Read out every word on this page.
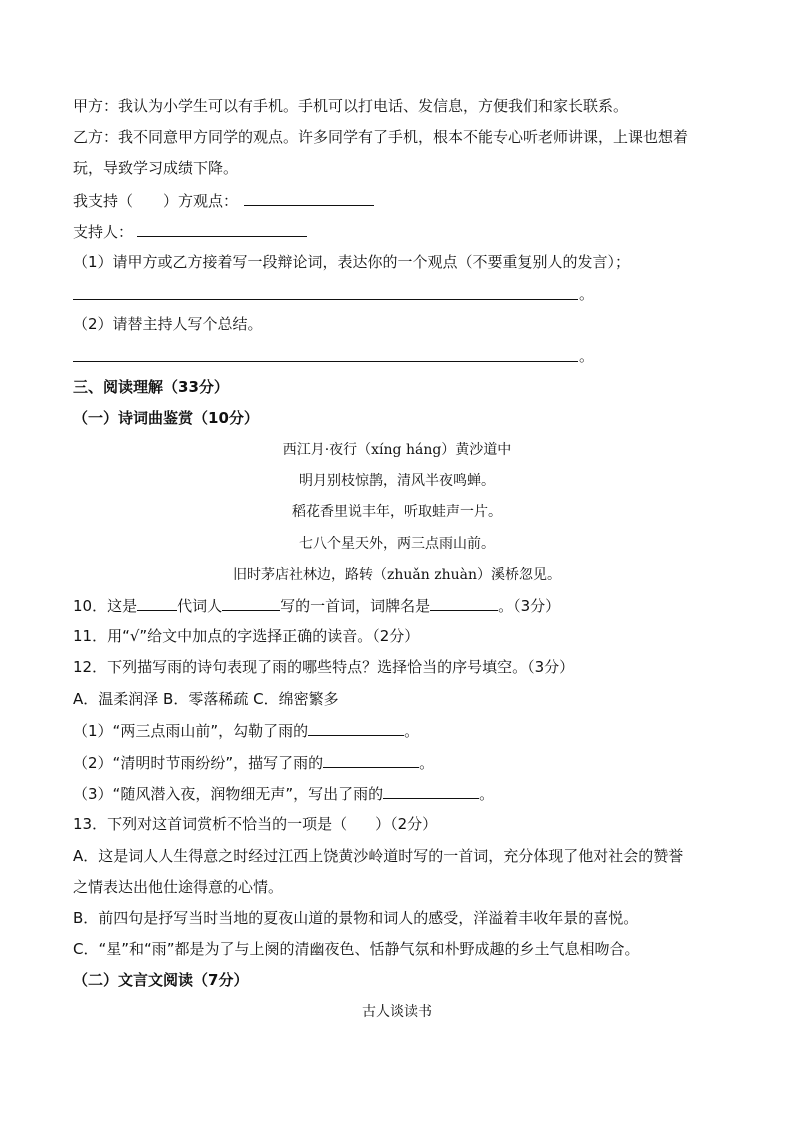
甲方：我认为小学生可以有手机。手机可以打电话、发信息，方便我们和家长联系。
乙方：我不同意甲方同学的观点。许多同学有了手机，根本不能专心听老师讲课，上课也想着
玩，导致学习成绩下降。
我支持（ ）方观点：
支持人：
（1）请甲方或乙方接着写一段辩论词，表达你的一个观点（不要重复别人的发言）；
。
（2）请替主持人写个总结。
。
三、阅读理解（33分）
（一）诗词曲鉴赏（10分）
西江月·夜行（xíng háng）黄沙道中
明月别枝惊鹊，清风半夜鸣蝉。
稻花香里说丰年，听取蛙声一片。
七八个星天外，两三点雨山前。
旧时茅店社林边，路转（zhuǎn zhuàn）溪桥忽见。
10．这是	代词人	写的一首词，词牌名是	。（3分）
11．用“√”给文中加点的字选择正确的读音。（2分）
12．下列描写雨的诗句表现了雨的哪些特点？选择恰当的序号填空。（3分）
A．温柔润泽 B．零落稀疏 C．绵密繁多
（1）“两三点雨山前”，勾勒了雨的	。
（2）“清明时节雨纷纷”，描写了雨的	。
（3）“随风潜入夜，润物细无声”，写出了雨的	。
13．下列对这首词赏析不恰当的一项是（ ）（2分）
A．这是词人人生得意之时经过江西上饶黄沙岭道时写的一首词，充分体现了他对社会的赞誉
之情表达出他仕途得意的心情。
B．前四句是抒写当时当地的夏夜山道的景物和词人的感受，洋溢着丰收年景的喜悦。
C．“星”和“雨”都是为了与上阕的清幽夜色、恬静气氛和朴野成趣的乡土气息相吻合。
（二）文言文阅读（7分）
古人谈读书
